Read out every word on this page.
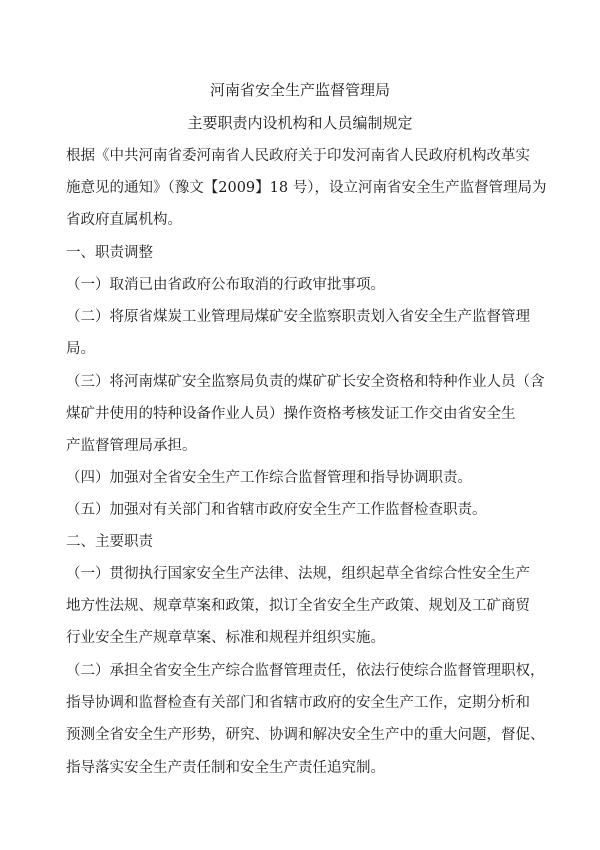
河南省安全生产监督管理局
主要职责内设机构和人员编制规定
根据《中共河南省委河南省人民政府关于印发河南省人民政府机构改革实
施意见的通知》（豫文【2009】18 号），设立河南省安全生产监督管理局为
省政府直属机构。
一、职责调整
（一）取消已由省政府公布取消的行政审批事项。
（二）将原省煤炭工业管理局煤矿安全监察职责划入省安全生产监督管理
局。
（三）将河南煤矿安全监察局负责的煤矿矿长安全资格和特种作业人员（含
煤矿井使用的特种设备作业人员）操作资格考核发证工作交由省安全生
产监督管理局承担。
（四）加强对全省安全生产工作综合监督管理和指导协调职责。
（五）加强对有关部门和省辖市政府安全生产工作监督检查职责。
二、主要职责
（一）贯彻执行国家安全生产法律、法规，组织起草全省综合性安全生产
地方性法规、规章草案和政策，拟订全省安全生产政策、规划及工矿商贸
行业安全生产规章草案、标准和规程并组织实施。
（二）承担全省安全生产综合监督管理责任，依法行使综合监督管理职权，
指导协调和监督检查有关部门和省辖市政府的安全生产工作，定期分析和
预测全省安全生产形势，研究、协调和解决安全生产中的重大问题，督促、
指导落实安全生产责任制和安全生产责任追究制。
